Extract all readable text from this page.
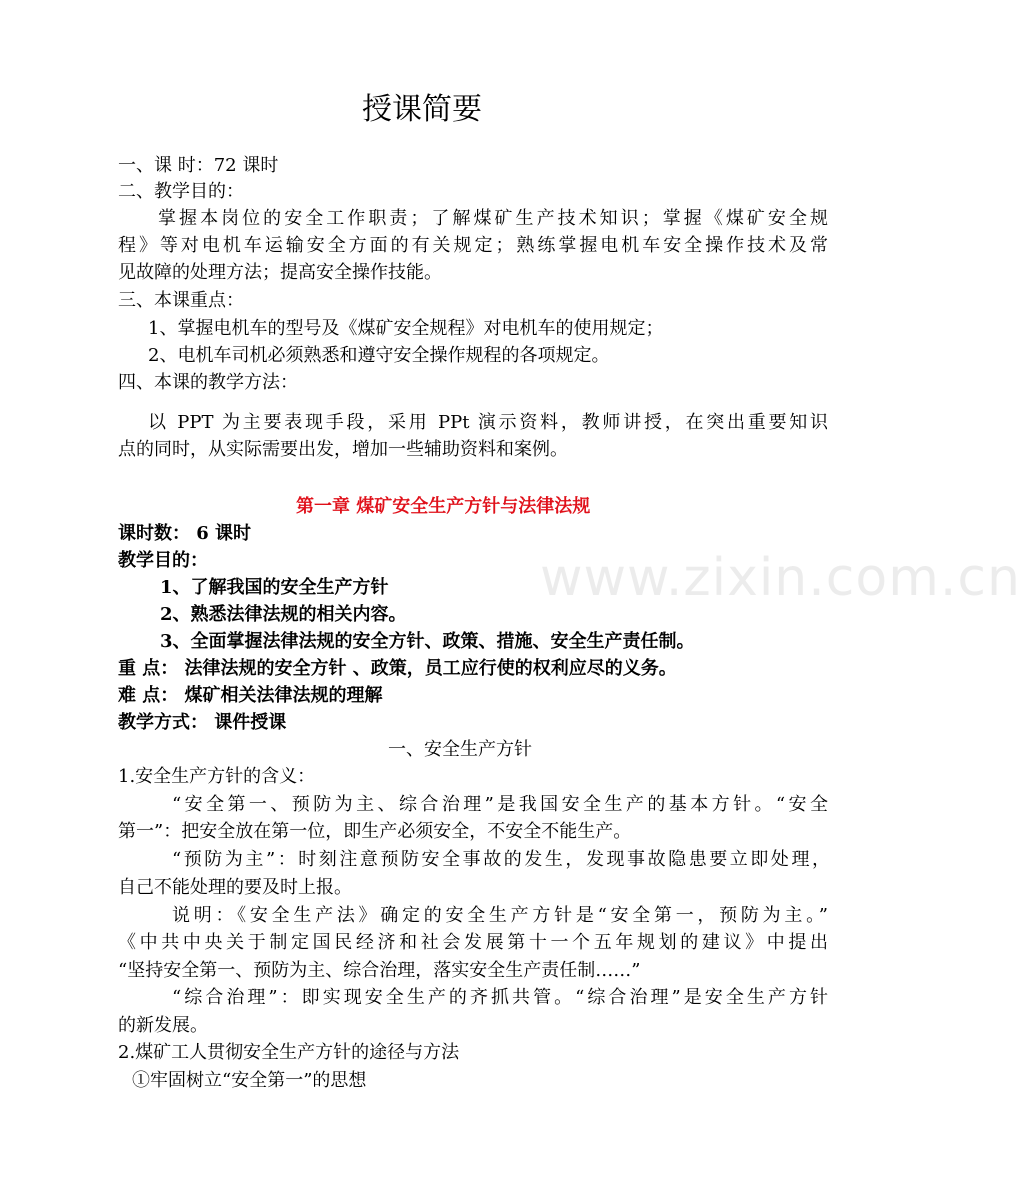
www.zixin.com.cn
授课简要
一、课 时：72 课时
二、教学目的：
掌握本岗位的安全工作职责；了解煤矿生产技术知识；掌握《煤矿安全规
程》等对电机车运输安全方面的有关规定；熟练掌握电机车安全操作技术及常
见故障的处理方法；提高安全操作技能。
三、本课重点：
1、掌握电机车的型号及《煤矿安全规程》对电机车的使用规定；
2、电机车司机必须熟悉和遵守安全操作规程的各项规定。
四、本课的教学方法：
以 PPT 为主要表现手段，采用 PPt 演示资料，教师讲授，在突出重要知识
点的同时，从实际需要出发，增加一些辅助资料和案例。
第一章 煤矿安全生产方针与法律法规
课时数： 6 课时
教学目的：
1、了解我国的安全生产方针
2、熟悉法律法规的相关内容。
3、全面掌握法律法规的安全方针、政策、措施、安全生产责任制。
重 点： 法律法规的安全方针 、政策，员工应行使的权利应尽的义务。
难 点： 煤矿相关法律法规的理解
教学方式： 课件授课
一、安全生产方针
1.安全生产方针的含义：
“安全第一、预防为主、综合治理”是我国安全生产的基本方针。“安全
第一”：把安全放在第一位，即生产必须安全，不安全不能生产。
“预防为主”：时刻注意预防安全事故的发生，发现事故隐患要立即处理，
自己不能处理的要及时上报。
说明：《安全生产法》确定的安全生产方针是“安全第一，预防为主。”
《中共中央关于制定国民经济和社会发展第十一个五年规划的建议》中提出
“坚持安全第一、预防为主、综合治理，落实安全生产责任制……”
“综合治理”：即实现安全生产的齐抓共管。“综合治理”是安全生产方针
的新发展。
2.煤矿工人贯彻安全生产方针的途径与方法
①牢固树立“安全第一”的思想
